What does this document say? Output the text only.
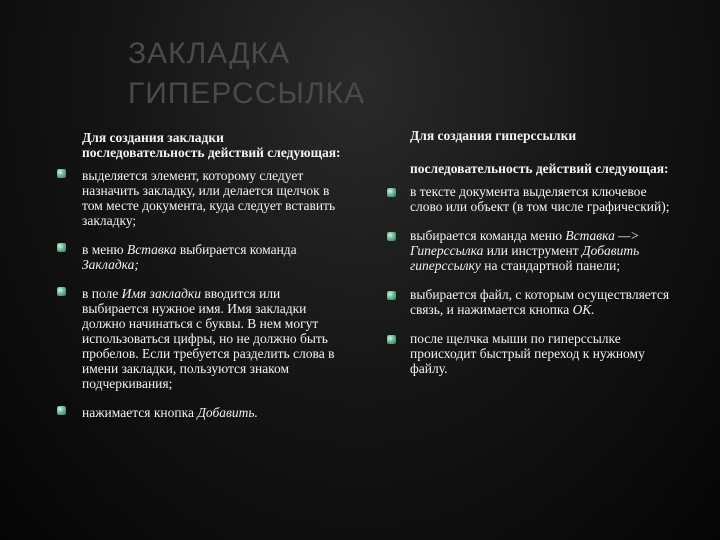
ЗАКЛАДКА
ГИПЕРССЫЛКА
Для создания закладки последовательность действий следующая:
выделяется элемент, которому следует назначить закладку, или делается щелчок в том месте документа, куда следует вставить закладку;
в меню Вставка выбирается команда Закладка;
в поле Имя закладки вводится или выбирается нужное имя. Имя закладки должно начинаться с буквы. В нем могут использоваться цифры, но не должно быть пробелов. Если требуется разделить слова в имени закладки, пользуются знаком подчеркивания;
нажимается кнопка Добавить.
Для создания гиперссылки
последовательность действий следующая:
в тексте документа выделяется ключевое слово или объект (в том числе графический);
выбирается команда меню Вставка —> Гиперссылка или инструмент Добавить гиперссылку на стандартной панели;
выбирается файл, с которым осуществляется связь, и нажимается кнопка ОК.
после щелчка мыши по гиперссылке происходит быстрый переход к нужному файлу.
